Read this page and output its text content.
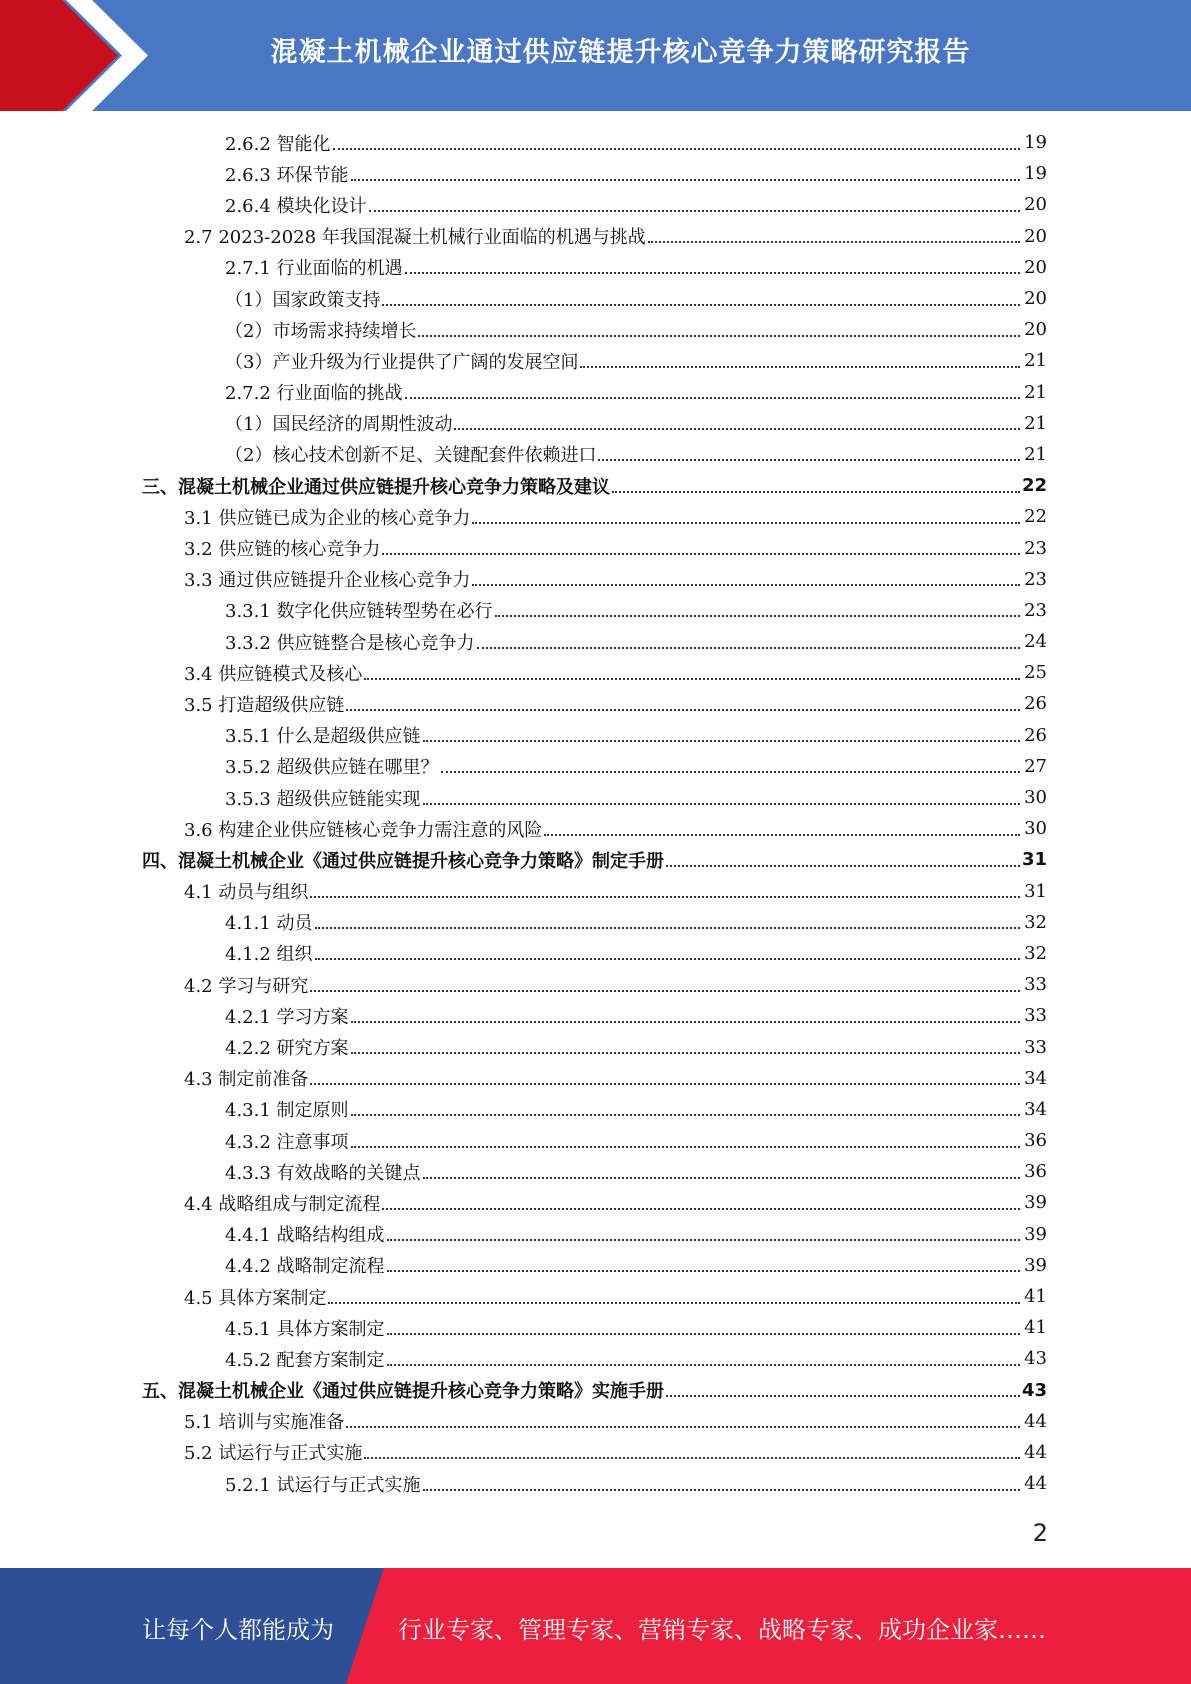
混凝土机械企业通过供应链提升核心竞争力策略研究报告
2.6.2 智能化	19
2.6.3 环保节能	19
2.6.4 模块化设计	20
2.7 2023-2028 年我国混凝土机械行业面临的机遇与挑战	20
2.7.1 行业面临的机遇	20
（1）国家政策支持	20
（2）市场需求持续增长	20
（3）产业升级为行业提供了广阔的发展空间	21
2.7.2 行业面临的挑战	21
（1）国民经济的周期性波动	21
（2）核心技术创新不足、关键配套件依赖进口	21
三、混凝土机械企业通过供应链提升核心竞争力策略及建议	22
3.1 供应链已成为企业的核心竞争力	22
3.2 供应链的核心竞争力	23
3.3 通过供应链提升企业核心竞争力	23
3.3.1 数字化供应链转型势在必行	23
3.3.2 供应链整合是核心竞争力	24
3.4 供应链模式及核心	25
3.5 打造超级供应链	26
3.5.1 什么是超级供应链	26
3.5.2 超级供应链在哪里？	27
3.5.3 超级供应链能实现	30
3.6 构建企业供应链核心竞争力需注意的风险	30
四、混凝土机械企业《通过供应链提升核心竞争力策略》制定手册	31
4.1 动员与组织	31
4.1.1 动员	32
4.1.2 组织	32
4.2 学习与研究	33
4.2.1 学习方案	33
4.2.2 研究方案	33
4.3 制定前准备	34
4.3.1 制定原则	34
4.3.2 注意事项	36
4.3.3 有效战略的关键点	36
4.4 战略组成与制定流程	39
4.4.1 战略结构组成	39
4.4.2 战略制定流程	39
4.5 具体方案制定	41
4.5.1 具体方案制定	41
4.5.2 配套方案制定	43
五、混凝土机械企业《通过供应链提升核心竞争力策略》实施手册	43
5.1 培训与实施准备	44
5.2 试运行与正式实施	44
5.2.1 试运行与正式实施	44
2
让每个人都能成为	行业专家、管理专家、营销专家、战略专家、成功企业家……
